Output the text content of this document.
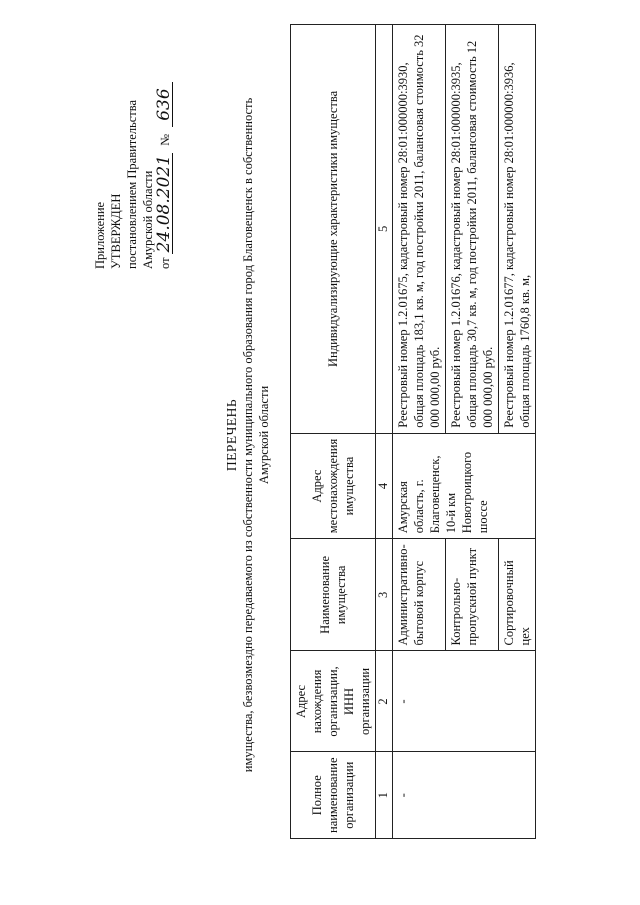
Приложение УТВЕРЖДЕН постановлением Правительства Амурской области от 24.08.2021 № 636
ПЕРЕЧЕНЬ имущества, безвозмездно передаваемого из собственности муниципального образования город Благовещенск в собственность Амурской области
Полное наименование организации	Адрес нахождения организации, ИНН организации	Наименование имущества	Адрес местонахождения имущества	Индивидуализирующие характеристики имущества
1	2	3	4	5
-	-	Административно-бытовой корпус	Амурская область, г. Благовещенск, 10-й км Новотроицкого шоссе	Реестровый номер 1.2.01675, кадастровый номер 28:01:000000:3930, общая площадь 183,1 кв. м, год постройки 2011, балансовая стоимость 32 000 000,00 руб.
		Контрольно-пропускной пункт		Реестровый номер 1.2.01676, кадастровый номер 28:01:000000:3935, общая площадь 30,7 кв. м, год постройки 2011, балансовая стоимость 12 000 000,00 руб.
		Сортировочный цех		Реестровый номер 1.2.01677, кадастровый номер 28:01:000000:3936, общая площадь 1760,8 кв. м,
